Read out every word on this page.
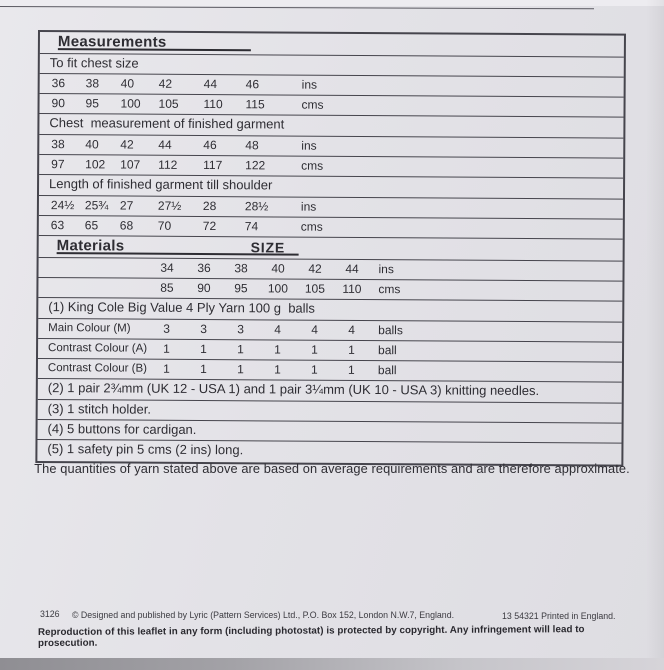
Measurements
To fit chest size
36	38	40	42	44	46	ins
90	95	100	105	110	115	cms
Chest  measurement of finished garment
38	40	42	44	46	48	ins
97	102	107	112	117	122	cms
Length of finished garment till shoulder
24½ 25¾ 27	27½	28	28½	ins
63	65	68	70	72	74	cms
Materials	SIZE
34	36	38	40	42	44	ins
85	90	95	100	105	110	cms
(1) King Cole Big Value 4 Ply Yarn 100 g  balls
Main Colour (M)	3	3	3	4	4	4	balls
Contrast Colour (A)	1	1	1	1	1	1	ball
Contrast Colour (B)	1	1	1	1	1	1	ball
(2) 1 pair 2¾mm (UK 12 - USA 1) and 1 pair 3¼mm (UK 10 - USA 3) knitting needles.
(3) 1 stitch holder.
(4) 5 buttons for cardigan.
(5) 1 safety pin 5 cms (2 ins) long.
The quantities of yarn stated above are based on average requirements and are therefore approximate.
3126 © Designed and published by Lyric (Pattern Services) Ltd., P.O. Box 152, London N.W.7, England.	13 54321 Printed in England.
Reproduction of this leaflet in any form (including photostat) is protected by copyright. Any infringement will lead to prosecution.
